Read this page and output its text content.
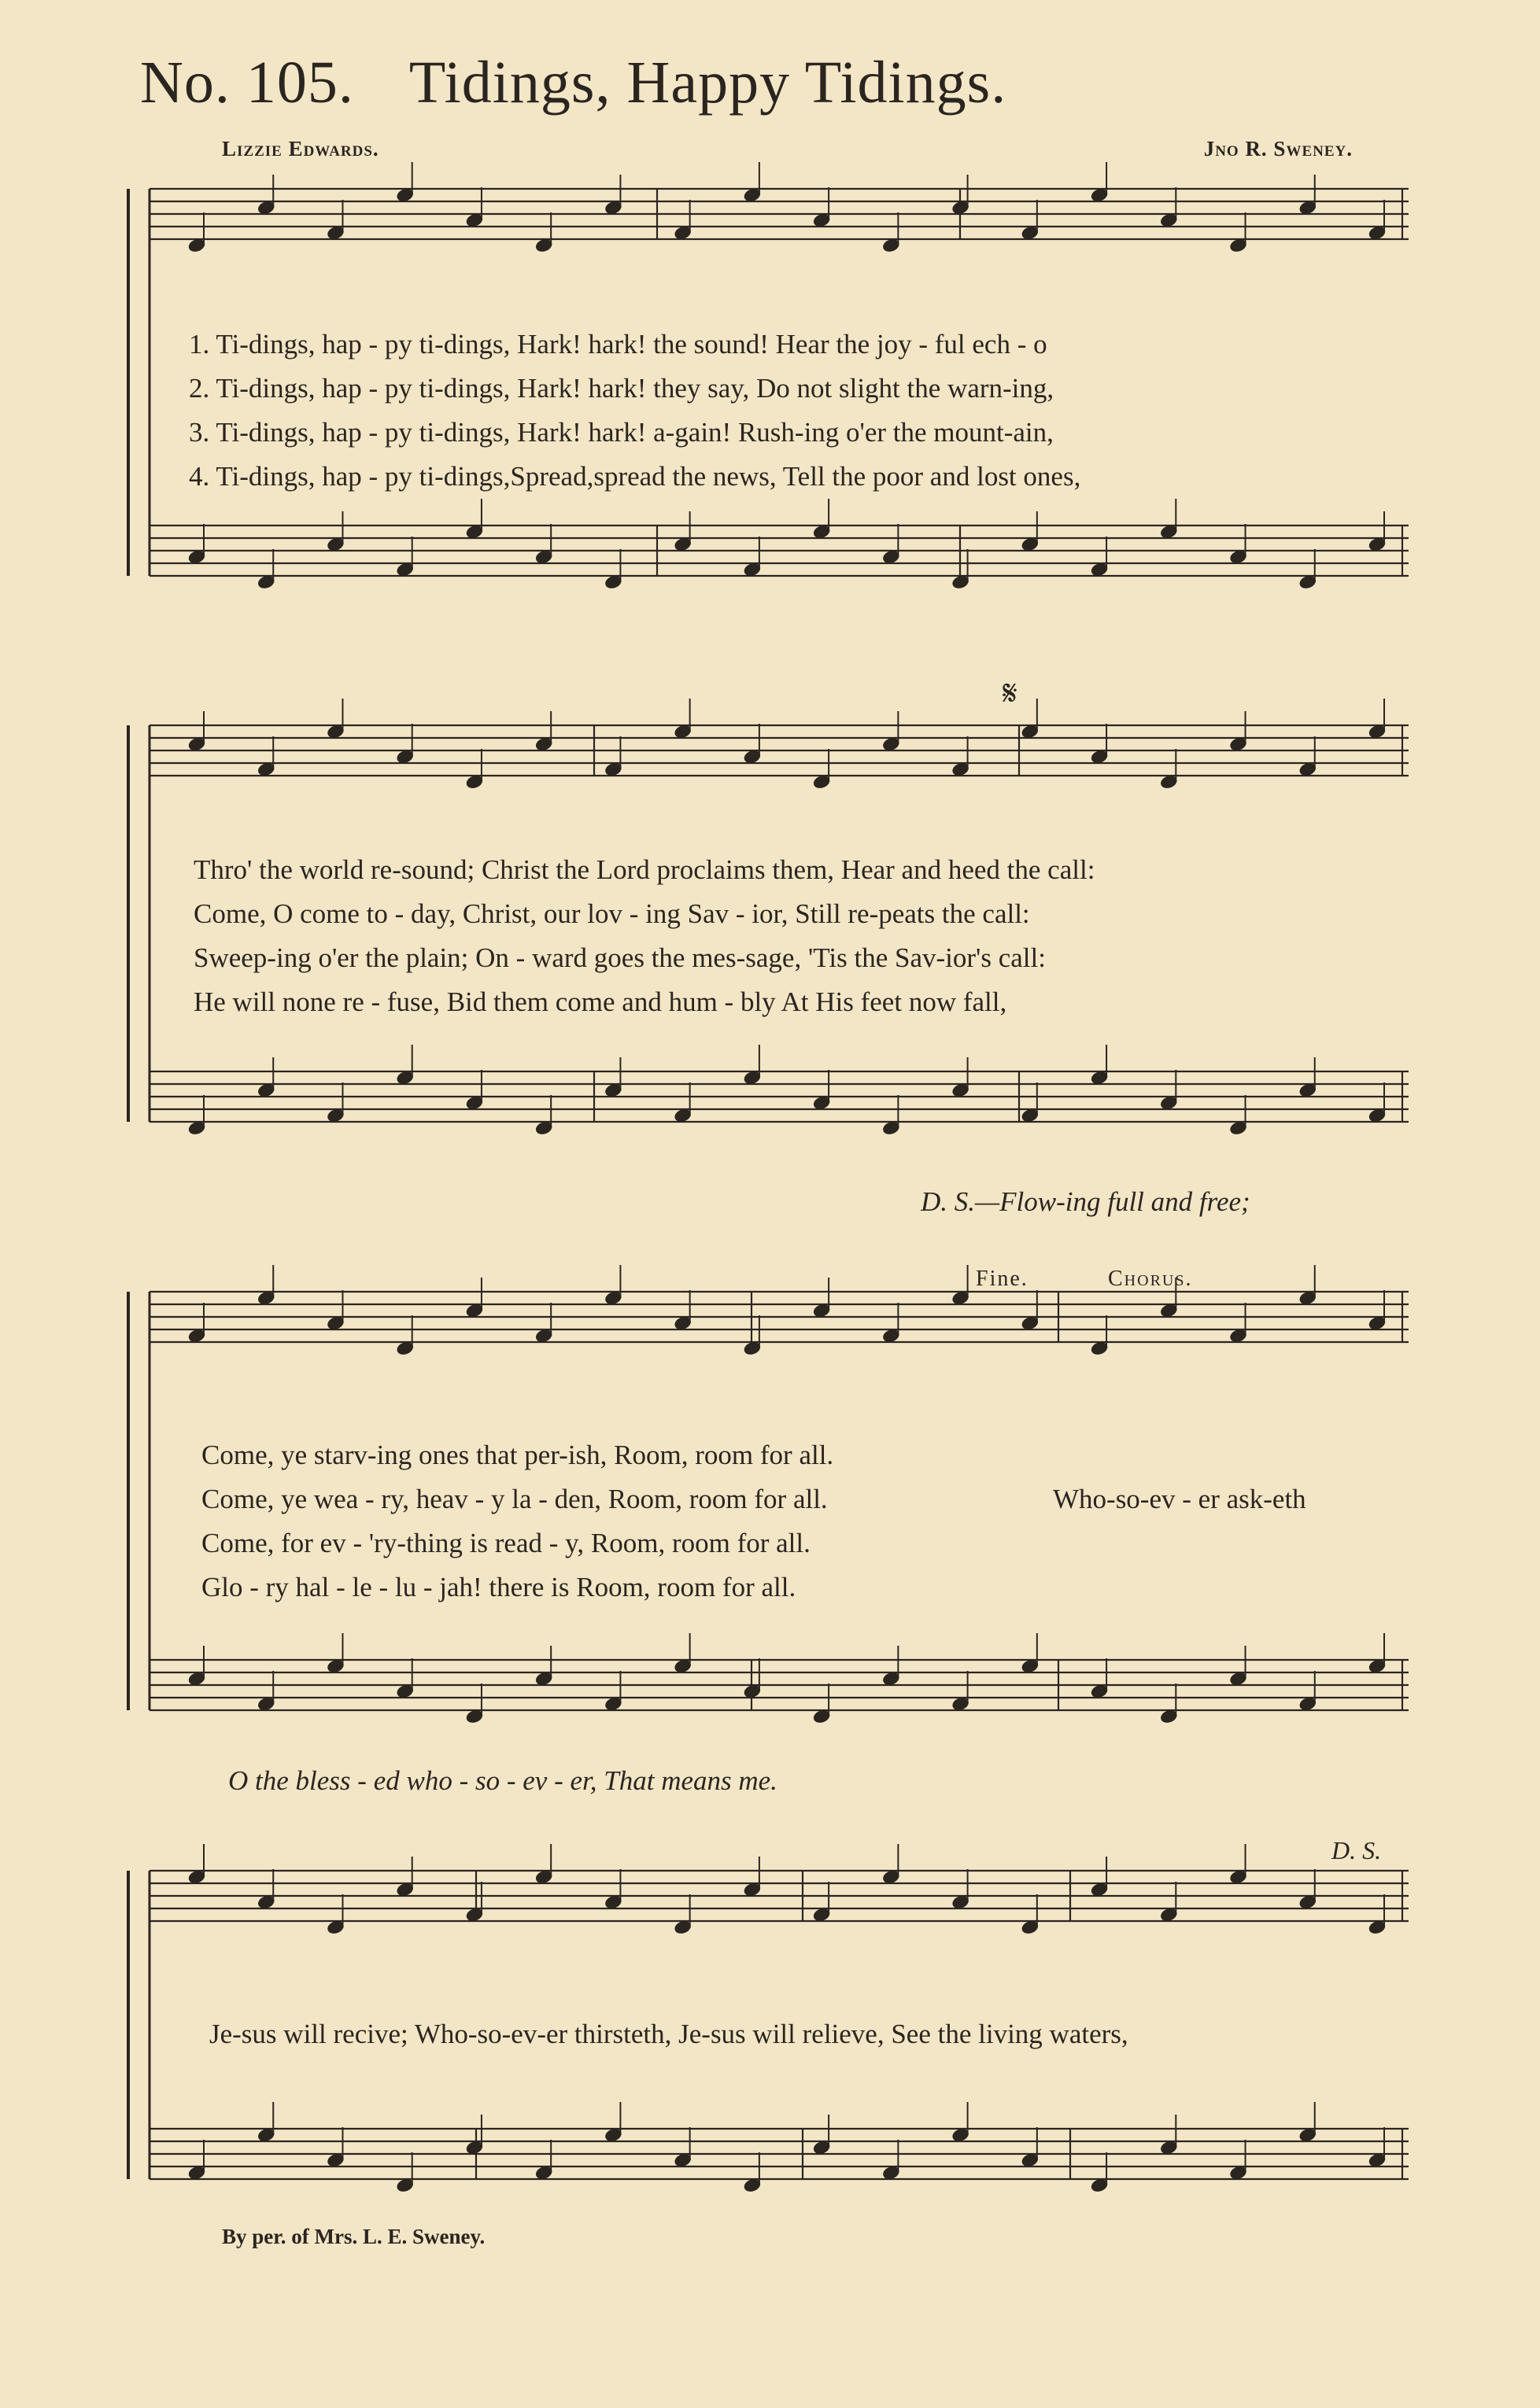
No. 105. Tidings, Happy Tidings.
Lizzie Edwards.	Jno R. Sweney.
1. Ti-dings, hap - py ti-dings, Hark! hark! the sound! Hear the joy - ful ech - o
2. Ti-dings, hap - py ti-dings, Hark! hark! they say, Do not slight the warn-ing,
3. Ti-dings, hap - py ti-dings, Hark! hark! a-gain! Rush-ing o'er the mount-ain,
4. Ti-dings, hap - py ti-dings,Spread,spread the news, Tell the poor and lost ones,
𝄋
Thro' the world re-sound; Christ the Lord proclaims them, Hear and heed the call:
Come, O come to - day, Christ, our lov - ing Sav - ior, Still re-peats the call:
Sweep-ing o'er the plain; On - ward goes the mes-sage, 'Tis the Sav-ior's call:
He will none re - fuse, Bid them come and hum - bly At His feet now fall,
D. S.—Flow-ing full and free;
Fine.	Chorus.
Come, ye starv-ing ones that per-ish, Room, room for all.
Come, ye wea - ry, heav - y la - den, Room, room for all.
Come, for ev - 'ry-thing is read - y, Room, room for all.
Glo - ry hal - le - lu - jah! there is Room, room for all.
Who-so-ev - er ask-eth
O the bless - ed who - so - ev - er, That means me.
D. S.
Je-sus will recive; Who-so-ev-er thirsteth, Je-sus will relieve, See the living waters,
By per. of Mrs. L. E. Sweney.
